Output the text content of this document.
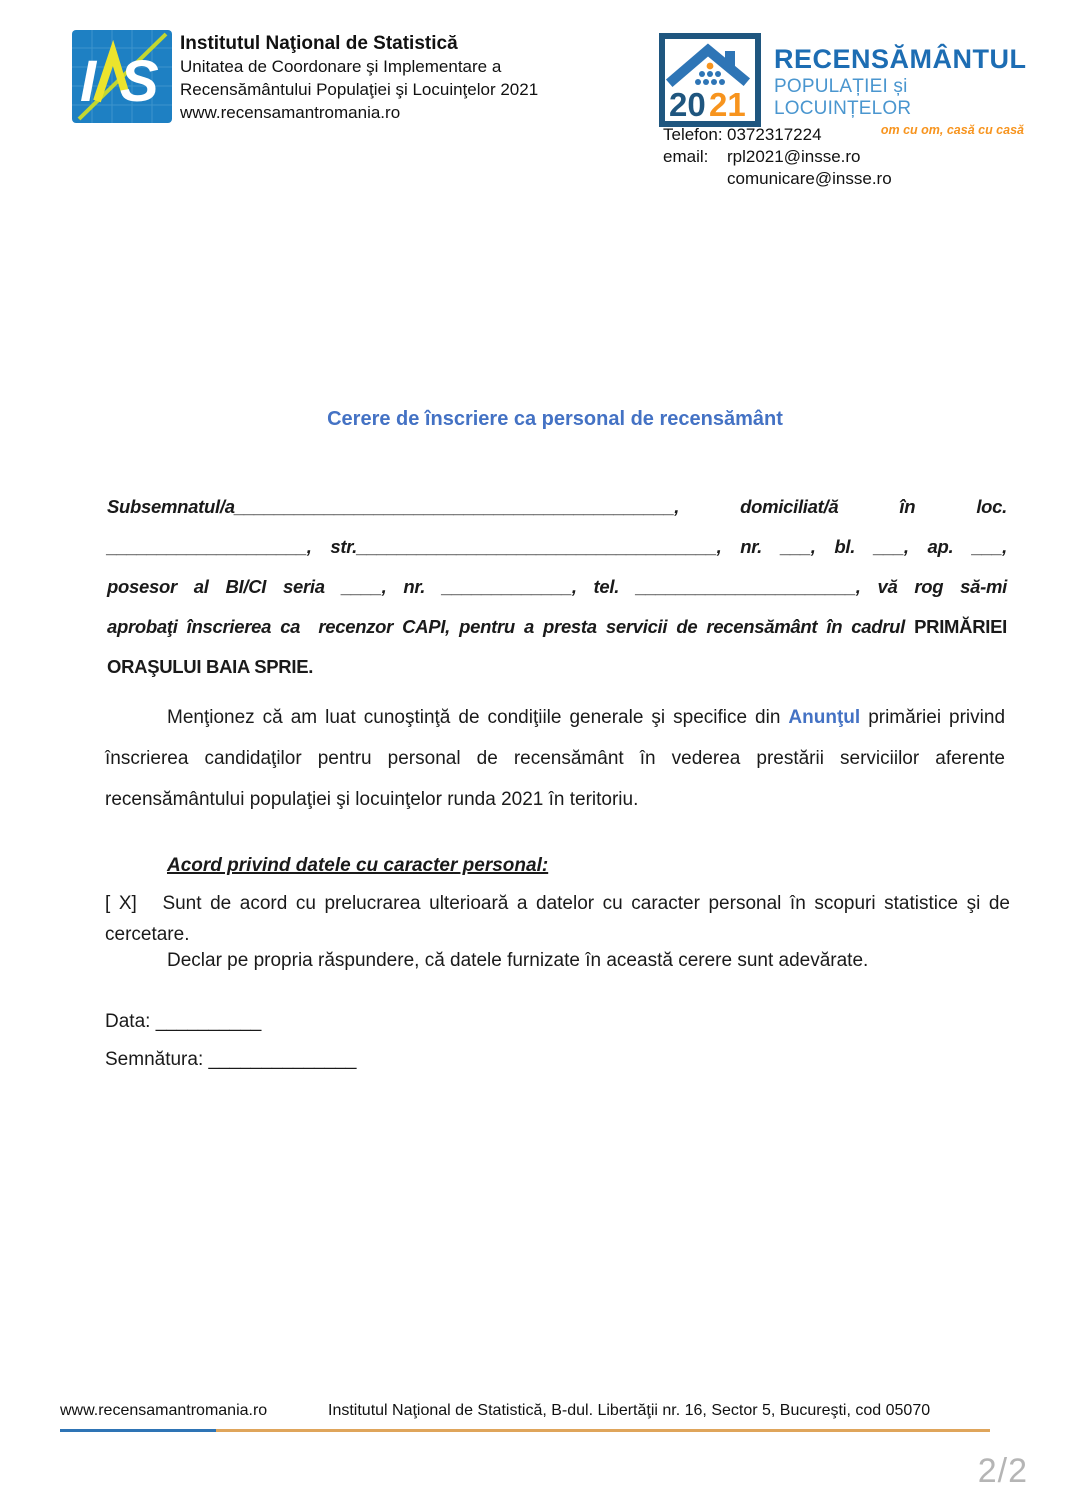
I S
Institutul Naţional de Statistică
Unitatea de Coordonare şi Implementare a
Recensământului Populaţiei şi Locuinţelor 2021
www.recensamantromania.ro	20 21
RECENSĂMÂNTUL
POPULAȚIEI și LOCUINȚELOR
om cu om, casă cu casă
Telefon: 0372317224
email:	rpl2021@insse.ro
comunicare@insse.ro
Cerere de înscriere ca personal de recensământ
Subsemnatul/a____________________________________________, domiciliat/ă în loc.
____________________, str.____________________________________, nr. ___, bl. ___, ap. ___,
posesor al BI/CI seria ____, nr. _____________, tel. ______________________, vă rog să-mi
aprobaţi înscrierea ca  recenzor CAPI, pentru a presta servicii de recensământ în cadrul PRIMĂRIEI
ORAŞULUI BAIA SPRIE.

Menţionez că am luat cunoştinţă de condiţiile generale şi specifice din Anunţul primăriei privind înscrierea candidaţilor pentru personal de recensământ în vederea prestării serviciilor aferente recensământului populaţiei şi locuinţelor runda 2021 în teritoriu.

Acord privind datele cu caracter personal:
[ X]   Sunt de acord cu prelucrarea ulterioară a datelor cu caracter personal în scopuri statistice şi de cercetare.
Declar pe propria răspundere, că datele furnizate în această cerere sunt adevărate.
Data: __________
Semnătura: ______________
www.recensamantromania.ro	Institutul Naţional de Statistică, B-dul. Libertăţii nr. 16, Sector 5, Bucureşti, cod 05070
2/2
